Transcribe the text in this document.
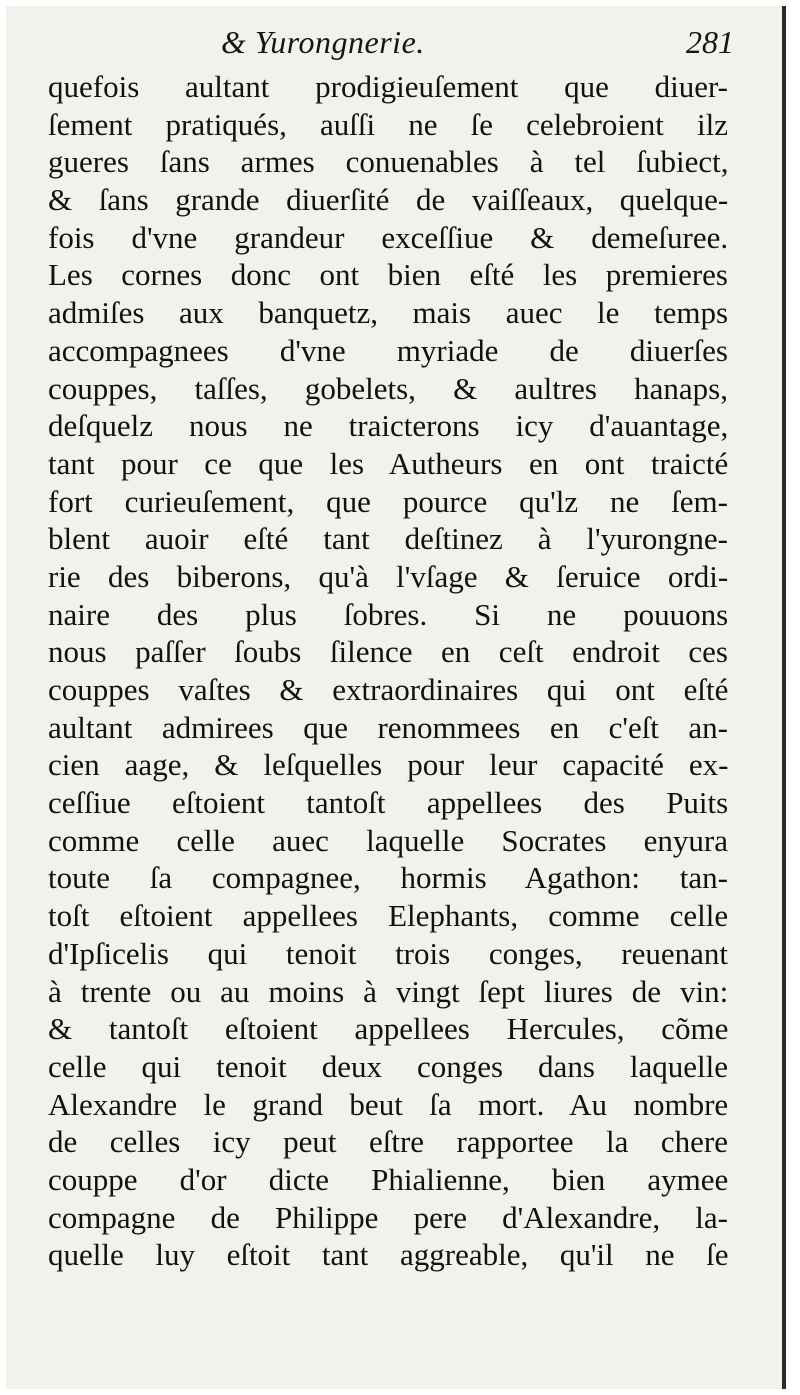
& Yurongnerie.	281
quefois aultant prodigieuſement que diuer-
ſement pratiqués, auſſi ne ſe celebroient ilz
gueres ſans armes conuenables à tel ſubiect,
& ſans grande diuerſité de vaiſſeaux, quelque-
fois d'vne grandeur exceſſiue & demeſuree.
Les cornes donc ont bien eſté les premieres
admiſes aux banquetz, mais auec le temps
accompagnees d'vne myriade de diuerſes
couppes, taſſes, gobelets, & aultres hanaps,
deſquelz nous ne traicterons icy d'auantage,
tant pour ce que les Autheurs en ont traicté
fort curieuſement, que pource qu'lz ne ſem-
blent auoir eſté tant deſtinez à l'yurongne-
rie des biberons, qu'à l'vſage & ſeruice ordi-
naire des plus ſobres. Si ne pouuons
nous paſſer ſoubs ſilence en ceſt endroit ces
couppes vaſtes & extraordinaires qui ont eſté
aultant admirees que renommees en c'eſt an-
cien aage, & leſquelles pour leur capacité ex-
ceſſiue eſtoient tantoſt appellees des Puits
comme celle auec laquelle Socrates enyura
toute ſa compagnee, hormis Agathon: tan-
toſt eſtoient appellees Elephants, comme celle
d'Ipſicelis qui tenoit trois conges, reuenant
à trente ou au moins à vingt ſept liures de vin:
& tantoſt eſtoient appellees Hercules, cõme
celle qui tenoit deux conges dans laquelle
Alexandre le grand beut ſa mort. Au nombre
de celles icy peut eſtre rapportee la chere
couppe d'or dicte Phialienne, bien aymee
compagne de Philippe pere d'Alexandre, la-
quelle luy eſtoit tant aggreable, qu'il ne ſe
